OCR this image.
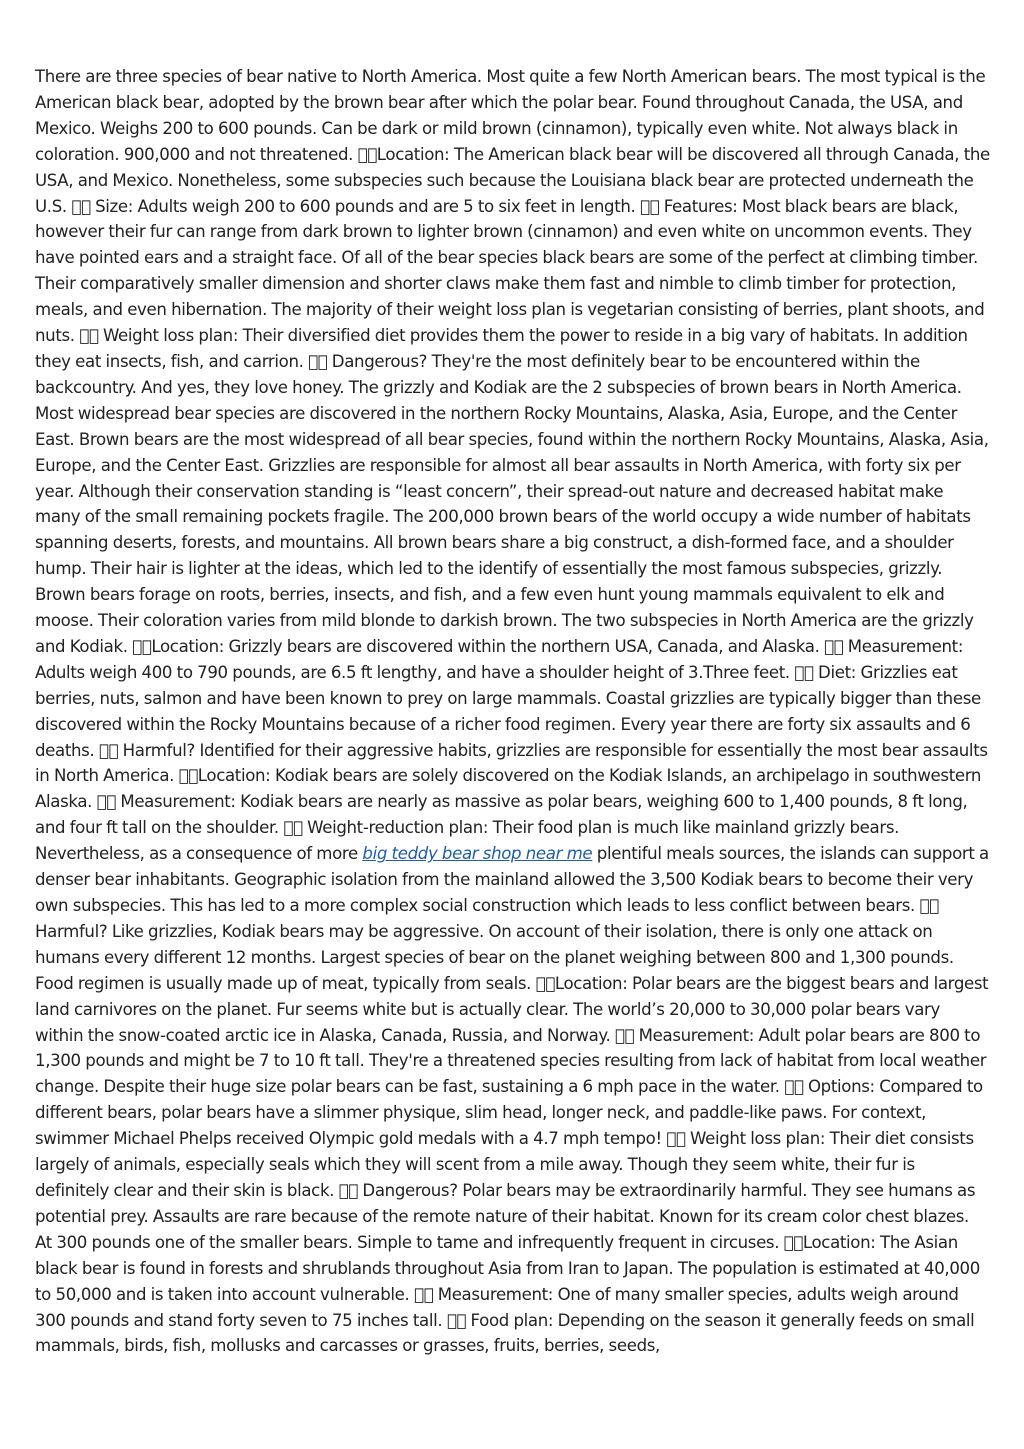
There are three species of bear native to North America. Most quite a few North American bears. The most typical is the American black bear, adopted by the brown bear after which the polar bear. Found throughout Canada, the USA, and Mexico. Weighs 200 to 600 pounds. Can be dark or mild brown (cinnamon), typically even white. Not always black in coloration. 900,000 and not threatened.   Location: The American black bear will be discovered all through Canada, the USA, and Mexico. Nonetheless, some subspecies such because the Louisiana black bear are protected underneath the U.S.    Size: Adults weigh 200 to 600 pounds and are 5 to six feet in length.    Features: Most black bears are black, however their fur can range from dark brown to lighter brown (cinnamon) and even white on uncommon events. They have pointed ears and a straight face. Of all of the bear species black bears are some of the perfect at climbing timber. Their comparatively smaller dimension and shorter claws make them fast and nimble to climb timber for protection, meals, and even hibernation. The majority of their weight loss plan is vegetarian consisting of berries, plant shoots, and nuts.    Weight loss plan: Their diversified diet provides them the power to reside in a big vary of habitats. In addition they eat insects, fish, and carrion.    Dangerous? They're the most definitely bear to be encountered within the backcountry. And yes, they love honey. The grizzly and Kodiak are the 2 subspecies of brown bears in North America. Most widespread bear species are discovered in the northern Rocky Mountains, Alaska, Asia, Europe, and the Center East. Brown bears are the most widespread of all bear species, found within the northern Rocky Mountains, Alaska, Asia, Europe, and the Center East. Grizzlies are responsible for almost all bear assaults in North America, with forty six per year. Although their conservation standing is “least concern”, their spread-out nature and decreased habitat make many of the small remaining pockets fragile. The 200,000 brown bears of the world occupy a wide number of habitats spanning deserts, forests, and mountains. All brown bears share a big construct, a dish-formed face, and a shoulder hump. Their hair is lighter at the ideas, which led to the identify of essentially the most famous subspecies, grizzly. Brown bears forage on roots, berries, insects, and fish, and a few even hunt young mammals equivalent to elk and moose. Their coloration varies from mild blonde to darkish brown. The two subspecies in North America are the grizzly and Kodiak.   Location: Grizzly bears are discovered within the northern USA, Canada, and Alaska.    Measurement: Adults weigh 400 to 790 pounds, are 6.5 ft lengthy, and have a shoulder height of 3.Three feet.    Diet: Grizzlies eat berries, nuts, salmon and have been known to prey on large mammals. Coastal grizzlies are typically bigger than these discovered within the Rocky Mountains because of a richer food regimen. Every year there are forty six assaults and 6 deaths.    Harmful? Identified for their aggressive habits, grizzlies are responsible for essentially the most bear assaults in North America.   Location: Kodiak bears are solely discovered on the Kodiak Islands, an archipelago in southwestern Alaska.    Measurement: Kodiak bears are nearly as massive as polar bears, weighing 600 to 1,400 pounds, 8 ft long, and four ft tall on the shoulder.    Weight-reduction plan: Their food plan is much like mainland grizzly bears. Nevertheless, as a consequence of more big teddy bear shop near me plentiful meals sources, the islands can support a denser bear inhabitants. Geographic isolation from the mainland allowed the 3,500 Kodiak bears to become their very own subspecies. This has led to a more complex social construction which leads to less conflict between bears.    Harmful? Like grizzlies, Kodiak bears may be aggressive. On account of their isolation, there is only one attack on humans every different 12 months. Largest species of bear on the planet weighing between 800 and 1,300 pounds. Food regimen is usually made up of meat, typically from seals.   Location: Polar bears are the biggest bears and largest land carnivores on the planet. Fur seems white but is actually clear. The world’s 20,000 to 30,000 polar bears vary within the snow-coated arctic ice in Alaska, Canada, Russia, and Norway.    Measurement: Adult polar bears are 800 to 1,300 pounds and might be 7 to 10 ft tall. They're a threatened species resulting from lack of habitat from local weather change. Despite their huge size polar bears can be fast, sustaining a 6 mph pace in the water.    Options: Compared to different bears, polar bears have a slimmer physique, slim head, longer neck, and paddle-like paws. For context, swimmer Michael Phelps received Olympic gold medals with a 4.7 mph tempo!    Weight loss plan: Their diet consists largely of animals, especially seals which they will scent from a mile away. Though they seem white, their fur is definitely clear and their skin is black.    Dangerous? Polar bears may be extraordinarily harmful. They see humans as potential prey. Assaults are rare because of the remote nature of their habitat. Known for its cream color chest blazes. At 300 pounds one of the smaller bears. Simple to tame and infrequently frequent in circuses.   Location: The Asian black bear is found in forests and shrublands throughout Asia from Iran to Japan. The population is estimated at 40,000 to 50,000 and is taken into account vulnerable.    Measurement: One of many smaller species, adults weigh around 300 pounds and stand forty seven to 75 inches tall.    Food plan: Depending on the season it generally feeds on small mammals, birds, fish, mollusks and carcasses or grasses, fruits, berries, seeds,
